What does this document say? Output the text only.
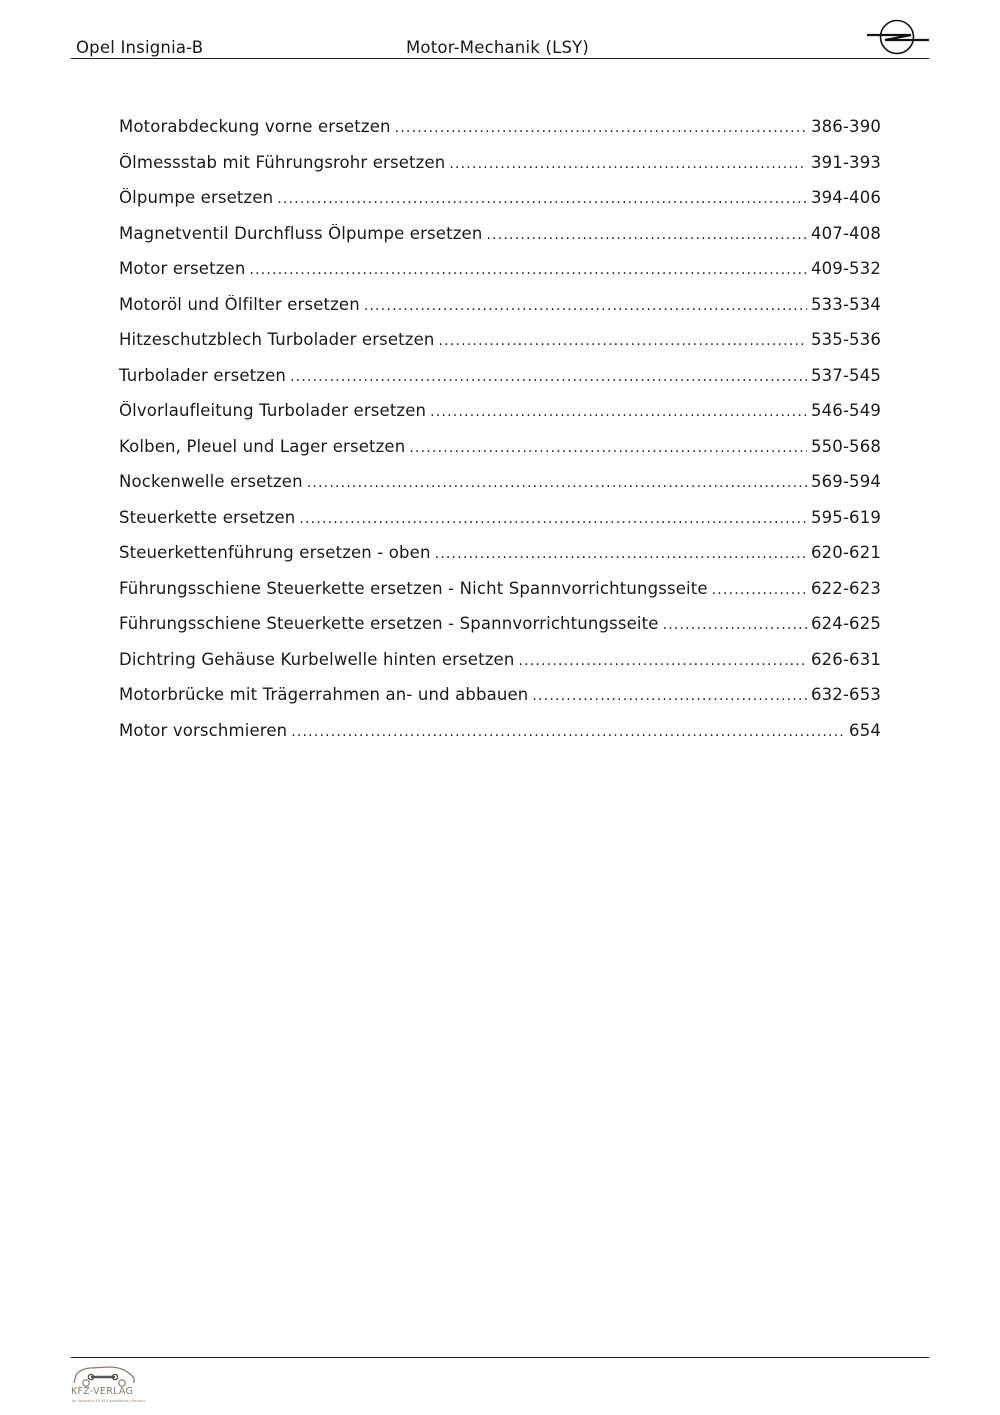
Opel Insignia-B	Motor-Mechanik (LSY)
Motorabdeckung vorne ersetzen .....	386-390
Ölmessstab mit Führungsrohr ersetzen .....	391-393
Ölpumpe ersetzen .....	394-406
Magnetventil Durchfluss Ölpumpe ersetzen .....	407-408
Motor ersetzen .....	409-532
Motoröl und Ölfilter ersetzen .....	533-534
Hitzeschutzblech Turbolader ersetzen .....	535-536
Turbolader ersetzen .....	537-545
Ölvorlaufleitung Turbolader ersetzen .....	546-549
Kolben, Pleuel und Lager ersetzen .....	550-568
Nockenwelle ersetzen .....	569-594
Steuerkette ersetzen .....	595-619
Steuerkettenführung ersetzen - oben .....	620-621
Führungsschiene Steuerkette ersetzen - Nicht Spannvorrichtungsseite .....	622-623
Führungsschiene Steuerkette ersetzen - Spannvorrichtungsseite .....	624-625
Dichtring Gehäuse Kurbelwelle hinten ersetzen .....	626-631
Motorbrücke mit Trägerrahmen an- und abbauen .....	632-653
Motor vorschmieren .....	654
KFZ-VERLAG
Ihr Spezialist für KFZ-spezifische Literatur
